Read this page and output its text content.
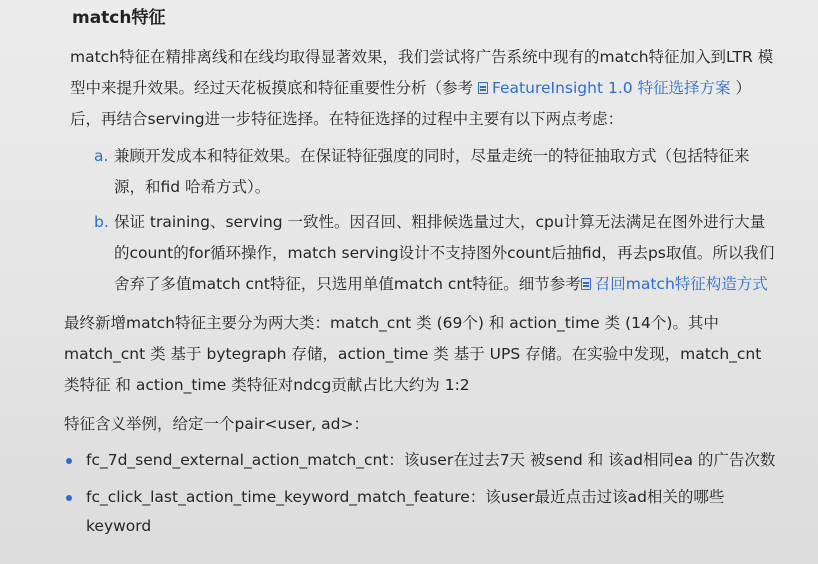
match特征

match特征在精排离线和在线均取得显著效果，我们尝试将广告系统中现有的match特征加入到LTR 模型中来提升效果。经过天花板摸底和特征重要性分析（参考 FeatureInsight 1.0 特征选择方案 ）后，再结合serving进一步特征选择。在特征选择的过程中主要有以下两点考虑：

a. 兼顾开发成本和特征效果。在保证特征强度的同时，尽量走统一的特征抽取方式（包括特征来源，和fid 哈希方式）。
b. 保证 training、serving 一致性。因召回、粗排候选量过大，cpu计算无法满足在图外进行大量的count的for循环操作，match serving设计不支持图外count后抽fid，再去ps取值。所以我们舍弃了多值match cnt特征，只选用单值match cnt特征。细节参考 召回match特征构造方式

最终新增match特征主要分为两大类：match_cnt 类 (69个) 和 action_time 类 (14个)。其中match_cnt 类 基于 bytegraph 存储，action_time 类 基于 UPS 存储。在实验中发现，match_cnt 类特征 和 action_time 类特征对ndcg贡献占比大约为 1:2

特征含义举例，给定一个pair<user, ad>：

fc_7d_send_external_action_match_cnt：该user在过去7天 被send 和 该ad相同ea 的广告次数
fc_click_last_action_time_keyword_match_feature：该user最近点击过该ad相关的哪些keyword
